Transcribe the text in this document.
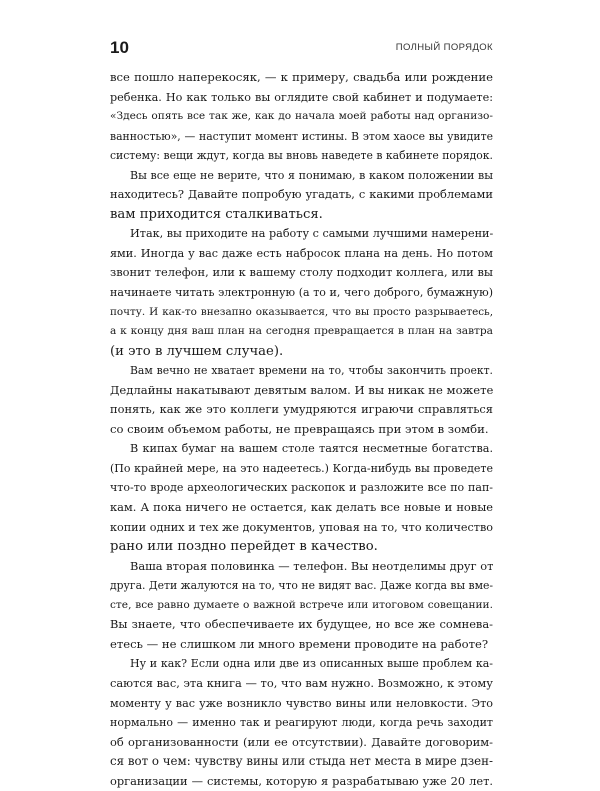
10	ПОЛНЫЙ ПОРЯДОК
все пошло наперекосяк, — к примеру, свадьба или рождение
ребенка. Но как только вы оглядите свой кабинет и подумаете:
«Здесь опять все так же, как до начала моей работы над организо-
ванностью», — наступит момент истины. В этом хаосе вы увидите
систему: вещи ждут, когда вы вновь наведете в кабинете порядок.
Вы все еще не верите, что я понимаю, в каком положении вы
находитесь? Давайте попробую угадать, с какими проблемами
вам приходится сталкиваться.
Итак, вы приходите на работу с самыми лучшими намерени-
ями. Иногда у вас даже есть набросок плана на день. Но потом
звонит телефон, или к вашему столу подходит коллега, или вы
начинаете читать электронную (а то и, чего доброго, бумажную)
почту. И как-то внезапно оказывается, что вы просто разрываетесь,
а к концу дня ваш план на сегодня превращается в план на завтра
(и это в лучшем случае).
Вам вечно не хватает времени на то, чтобы закончить проект.
Дедлайны накатывают девятым валом. И вы никак не можете
понять, как же это коллеги умудряются играючи справляться
со своим объемом работы, не превращаясь при этом в зомби.
В кипах бумаг на вашем столе таятся несметные богатства.
(По крайней мере, на это надеетесь.) Когда-нибудь вы проведете
что-то вроде археологических раскопок и разложите все по пап-
кам. А пока ничего не остается, как делать все новые и новые
копии одних и тех же документов, уповая на то, что количество
рано или поздно перейдет в качество.
Ваша вторая половинка — телефон. Вы неотделимы друг от
друга. Дети жалуются на то, что не видят вас. Даже когда вы вме-
сте, все равно думаете о важной встрече или итоговом совещании.
Вы знаете, что обеспечиваете их будущее, но все же сомнева-
етесь — не слишком ли много времени проводите на работе?
Ну и как? Если одна или две из описанных выше проблем ка-
саются вас, эта книга — то, что вам нужно. Возможно, к этому
моменту у вас уже возникло чувство вины или неловкости. Это
нормально — именно так и реагируют люди, когда речь заходит
об организованности (или ее отсутствии). Давайте договорим-
ся вот о чем: чувству вины или стыда нет места в мире дзен-
организации — системы, которую я разрабатываю уже 20 лет.
